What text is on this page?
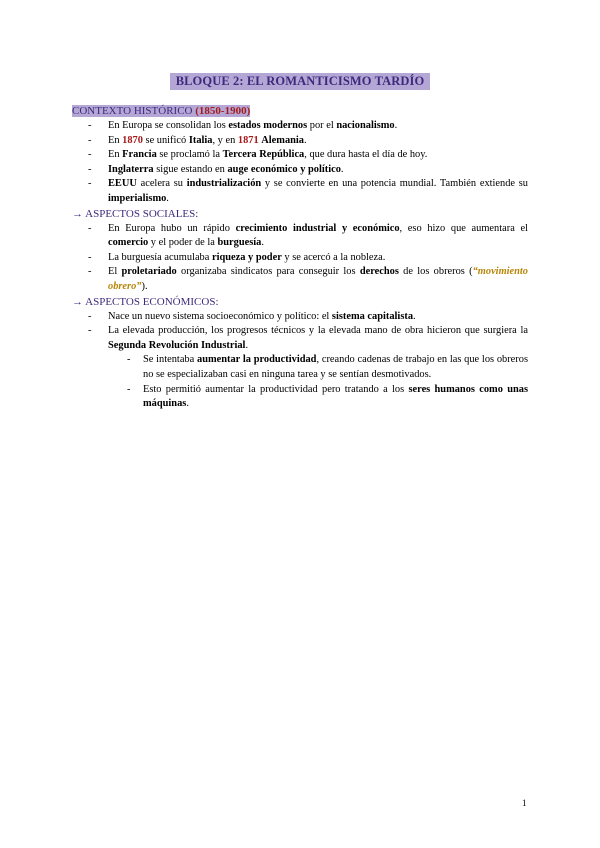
BLOQUE 2: EL ROMANTICISMO TARDÍO

CONTEXTO HISTÓRICO (1850-1900)

- En Europa se consolidan los estados modernos por el nacionalismo.
- En 1870 se unificó Italia, y en 1871 Alemania.
- En Francia se proclamó la Tercera República, que dura hasta el día de hoy.
- Inglaterra sigue estando en auge económico y político.
- EEUU acelera su industrialización y se convierte en una potencia mundial. También extiende su imperialismo.

→ ASPECTOS SOCIALES:

- En Europa hubo un rápido crecimiento industrial y económico, eso hizo que aumentara el comercio y el poder de la burguesía.
- La burguesía acumulaba riqueza y poder y se acercó a la nobleza.
- El proletariado organizaba sindicatos para conseguir los derechos de los obreros (“movimiento obrero”).

→ ASPECTOS ECONÓMICOS:

- Nace un nuevo sistema socioeconómico y político: el sistema capitalista.
- La elevada producción, los progresos técnicos y la elevada mano de obra hicieron que surgiera la Segunda Revolución Industrial.
- Se intentaba aumentar la productividad, creando cadenas de trabajo en las que los obreros no se especializaban casi en ninguna tarea y se sentían desmotivados.
- Esto permitió aumentar la productividad pero tratando a los seres humanos como unas máquinas.
1
